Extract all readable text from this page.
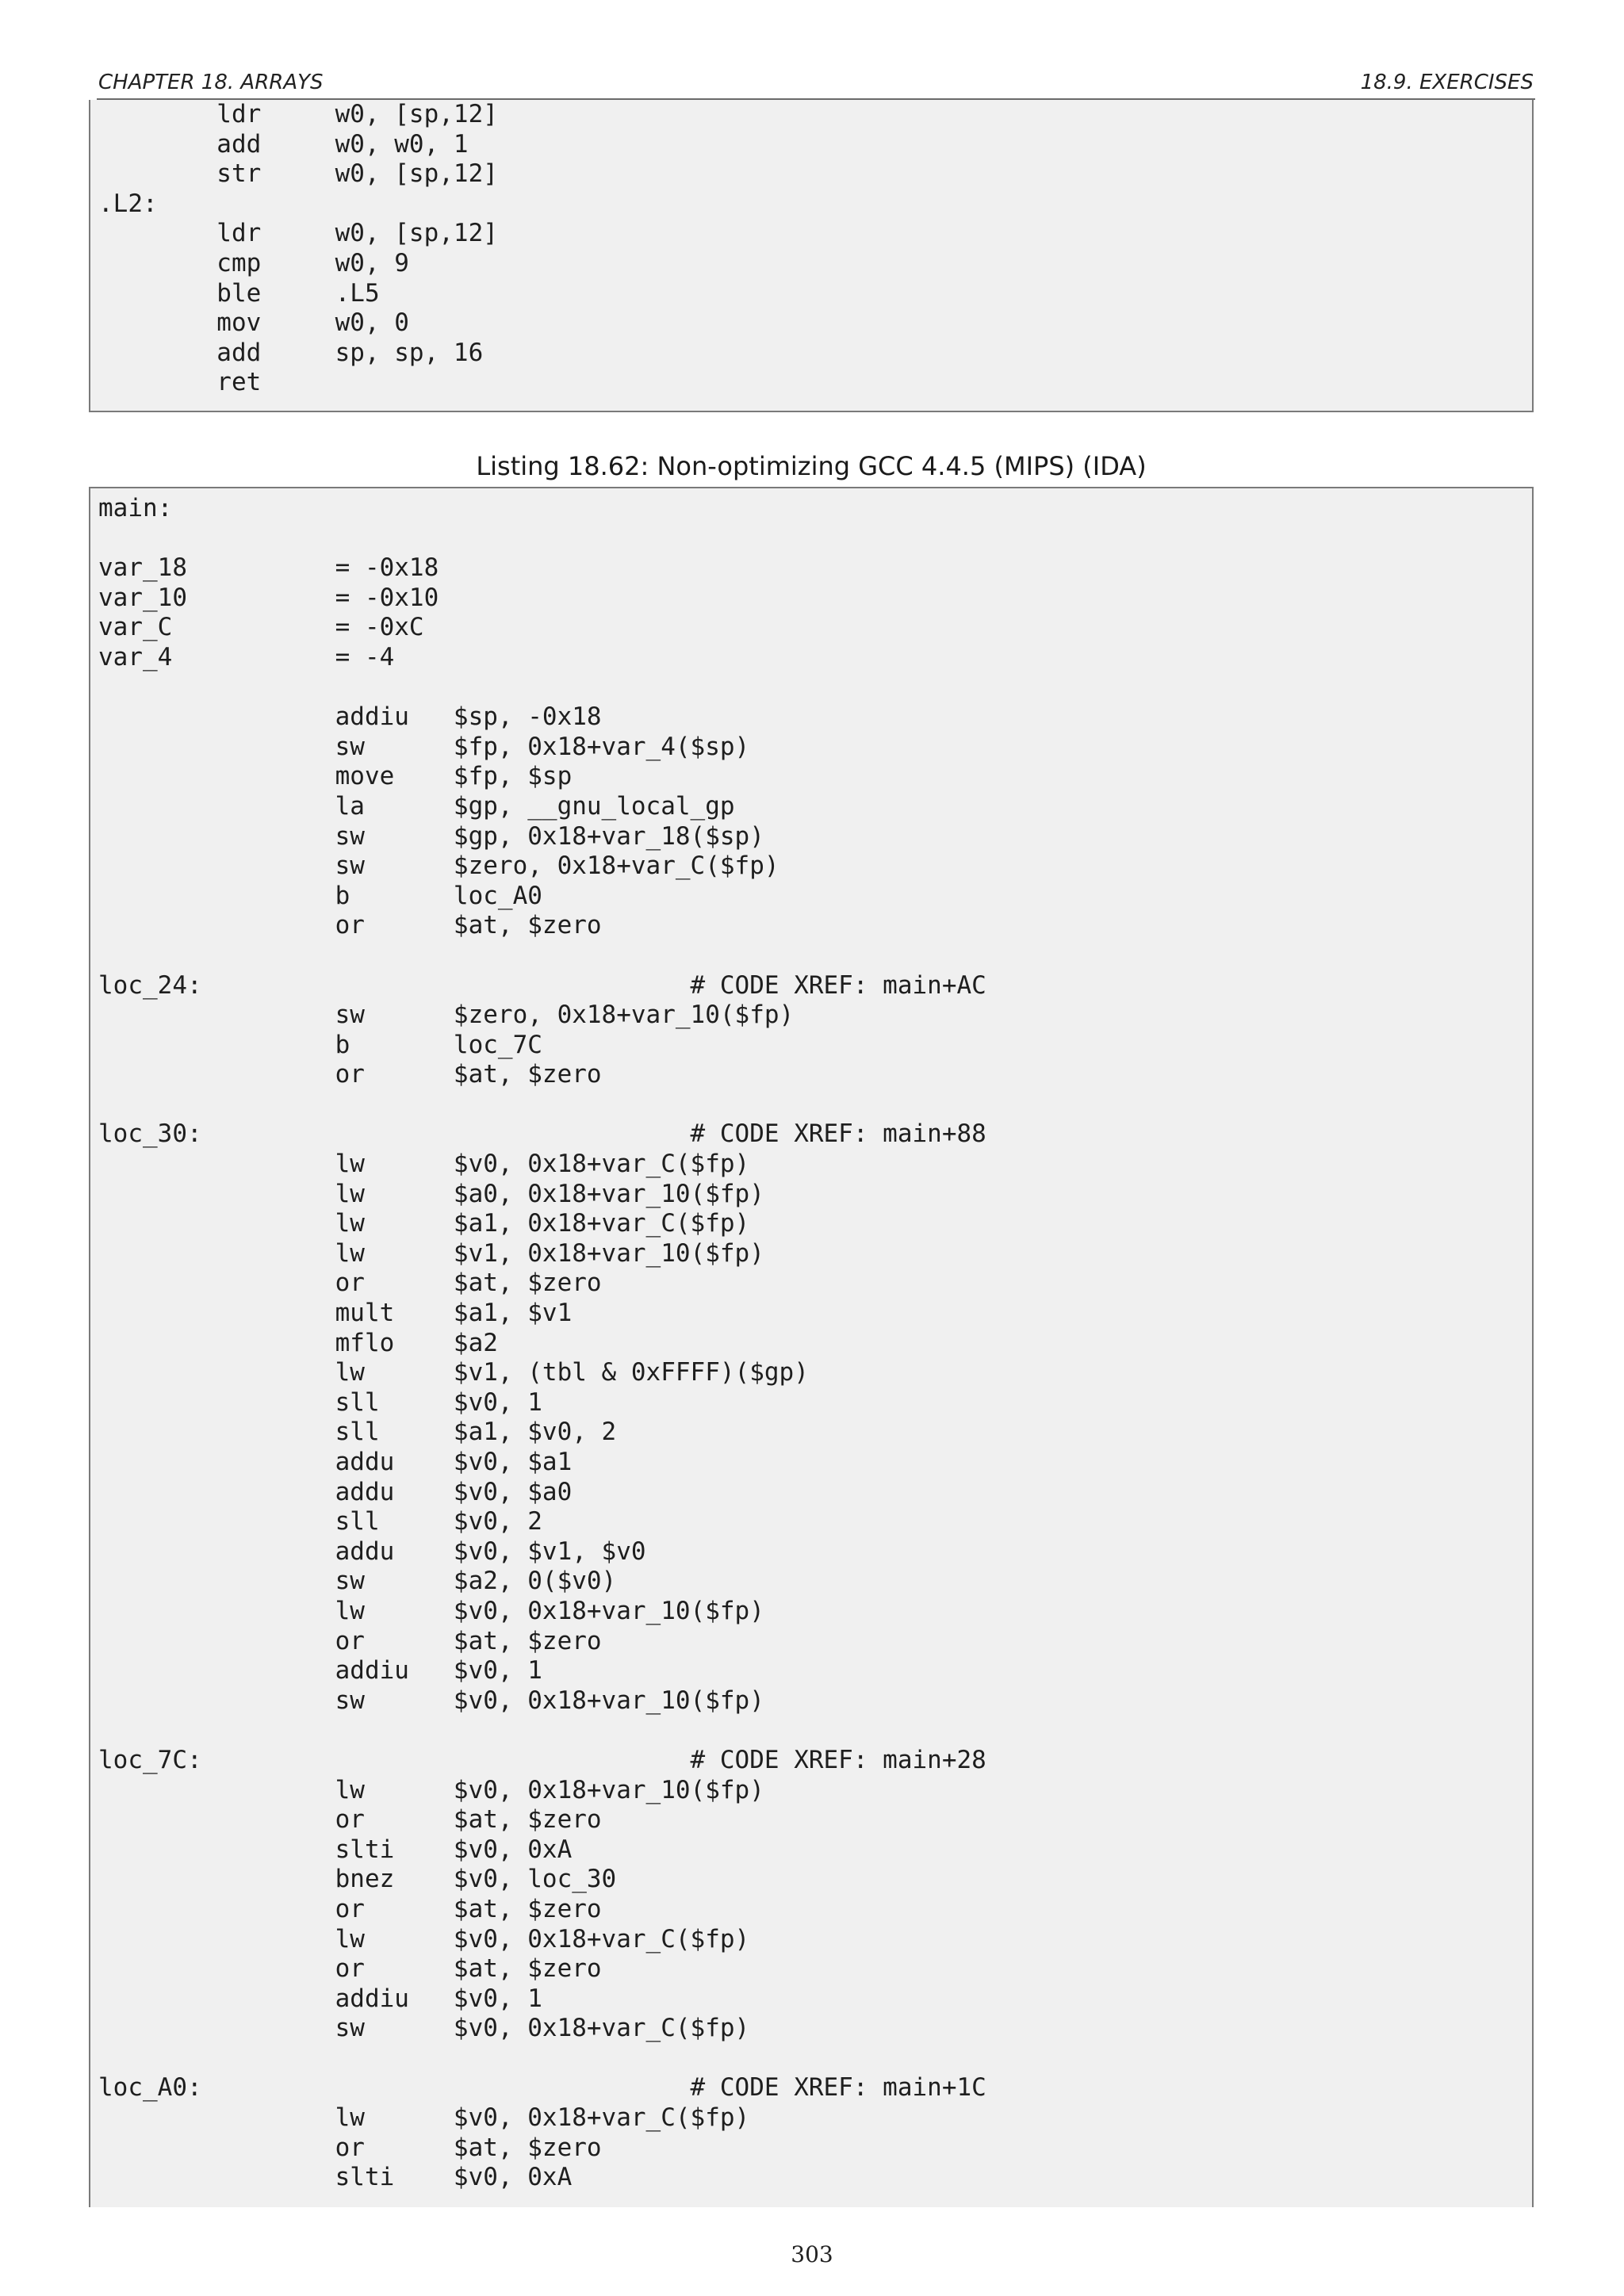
CHAPTER 18. ARRAYS	18.9. EXERCISES
ldr     w0, [sp,12]
add     w0, w0, 1
str     w0, [sp,12]
.L2:
ldr     w0, [sp,12]
cmp     w0, 9
ble     .L5
mov     w0, 0
add     sp, sp, 16
ret
Listing 18.62: Non-optimizing GCC 4.4.5 (MIPS) (IDA)
main:

var_18          = -0x18
var_10          = -0x10
var_C           = -0xC
var_4           = -4

addiu   $sp, -0x18
sw      $fp, 0x18+var_4($sp)
move    $fp, $sp
la      $gp, __gnu_local_gp
sw      $gp, 0x18+var_18($sp)
sw      $zero, 0x18+var_C($fp)
b       loc_A0
or      $at, $zero

loc_24:                                 # CODE XREF: main+AC
sw      $zero, 0x18+var_10($fp)
b       loc_7C
or      $at, $zero

loc_30:                                 # CODE XREF: main+88
lw      $v0, 0x18+var_C($fp)
lw      $a0, 0x18+var_10($fp)
lw      $a1, 0x18+var_C($fp)
lw      $v1, 0x18+var_10($fp)
or      $at, $zero
mult    $a1, $v1
mflo    $a2
lw      $v1, (tbl & 0xFFFF)($gp)
sll     $v0, 1
sll     $a1, $v0, 2
addu    $v0, $a1
addu    $v0, $a0
sll     $v0, 2
addu    $v0, $v1, $v0
sw      $a2, 0($v0)
lw      $v0, 0x18+var_10($fp)
or      $at, $zero
addiu   $v0, 1
sw      $v0, 0x18+var_10($fp)

loc_7C:                                 # CODE XREF: main+28
lw      $v0, 0x18+var_10($fp)
or      $at, $zero
slti    $v0, 0xA
bnez    $v0, loc_30
or      $at, $zero
lw      $v0, 0x18+var_C($fp)
or      $at, $zero
addiu   $v0, 1
sw      $v0, 0x18+var_C($fp)

loc_A0:                                 # CODE XREF: main+1C
lw      $v0, 0x18+var_C($fp)
or      $at, $zero
slti    $v0, 0xA
303
